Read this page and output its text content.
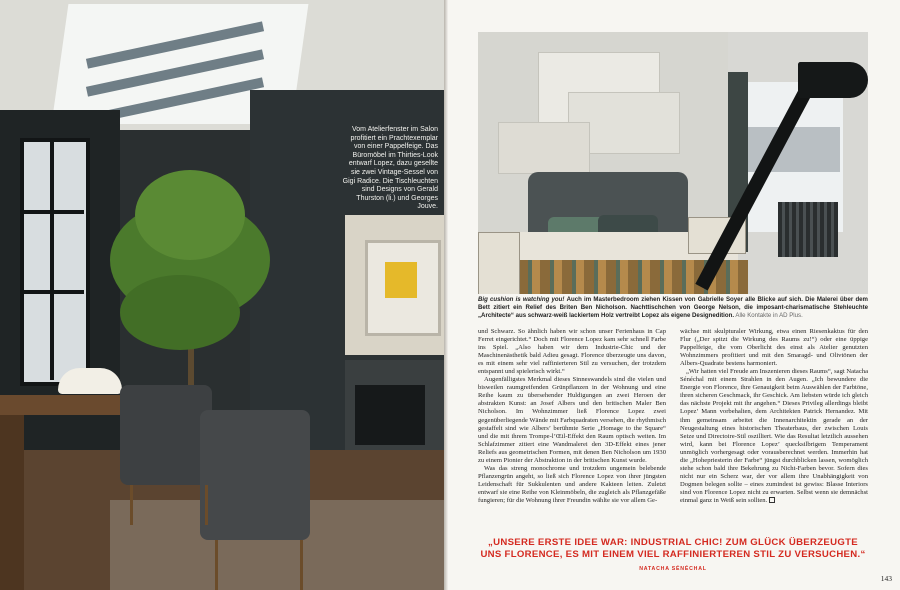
Vom Atelierfenster im Salon profitiert ein Prachtexemplar von einer Pappelfeige. Das Büromöbel im Thirties-Look entwarf Lopez, dazu gesellte sie zwei Vintage-Sessel von Gigi Radice. Die Tischleuchten sind Designs von Gerald Thurston (li.) und Georges Jouve.
Big cushion is watching you! Auch im Masterbedroom ziehen Kissen von Gabrielle Soyer alle Blicke auf sich. Die Malerei über dem Bett zitiert ein Relief des Briten Ben Nicholson. Nachttischchen von George Nelson, die imposant-charismatische Stehleuchte „Architecte“ aus schwarz-weiß lackiertem Holz vertreibt Lopez als eigene Designedition. Alle Kontakte in AD Plus.

und Schwarz. So ähnlich haben wir schon unser Ferienhaus in Cap Ferret eingerichtet.“ Doch mit Florence Lopez kam sehr schnell Farbe ins Spiel. „Also haben wir dem Industrie-Chic und der Maschinenästhetik bald Adieu gesagt. Florence überzeugte uns davon, es mit einem sehr viel raffinierteren Stil zu versuchen, der trotzdem entspannt und spielerisch wirkt.“

Augenfälligstes Merkmal dieses Sinneswandels sind die vielen und bisweilen raumgreifenden Grünpflanzen in der Wohnung und eine Reihe kaum zu übersehender Huldigungen an zwei Heroen der abstrakten Kunst: an Josef Albers und den britischen Maler Ben Nicholson. Im Wohnzimmer ließ Florence Lopez zwei gegenüberliegende Wände mit Farbquadraten versehen, die rhythmisch gestaffelt sind wie Albers’ berühmte Serie „Homage to the Square“ und die mit ihrem Trompe-l’Œil-Effekt den Raum optisch weiten. Im Schlafzimmer zitiert eine Wandmalerei den 3D-Effekt eines jener Reliefs aus geometrischen Formen, mit denen Ben Nicholson um 1930 zu einem Pionier der Abstraktion in der britischen Kunst wurde.

Was das streng monochrome und trotzdem ungemein belebende Pflanzengrün angeht, so ließ sich Florence Lopez von ihrer jüngsten Leidenschaft für Sukkulenten und andere Kakteen leiten. Zuletzt entwarf sie eine Reihe von Kleinmöbeln, die zugleich als Pflanzgefäße fungieren; für die Wohnung ihrer Freundin wählte sie vor allem Ge-

wächse mit skulpturaler Wirkung, etwa einen Riesenkaktus für den Flur („Der spitzt die Wirkung des Raums zu!“) oder eine üppige Pappelfeige, die vom Oberlicht des einst als Atelier genutzten Wohnzimmers profitiert und mit den Smaragd- und Olivtönen der Albers-Quadrate bestens harmoniert.

„Wir hatten viel Freude am Inszenieren dieses Raums“, sagt Natacha Sénéchal mit einem Strahlen in den Augen. „Ich bewundere die Energie von Florence, ihre Genauigkeit beim Auswählen der Farbtöne, ihren sicheren Geschmack, ihr Geschick. Am liebsten würde ich gleich das nächste Projekt mit ihr angehen.“ Dieses Privileg allerdings bleibt Lopez’ Mann vorbehalten, dem Architekten Patrick Hernandez. Mit ihm gemeinsam arbeitet die Innenarchitektin gerade an der Neugestaltung eines historischen Theaterbaus, der zwischen Louis Seize und Directoire-Stil oszilliert. Wie das Resultat letztlich aussehen wird, kann bei Florence Lopez’ quecksilbrigem Temperament unmöglich vorhergesagt oder vorausberechnet werden. Immerhin hat die „Hohepriesterin der Farbe“ jüngst durchblicken lassen, womöglich stehe schon bald ihre Bekehrung zu Nicht-Farben bevor. Sofern dies nicht nur ein Scherz war, der vor allem ihre Unabhängigkeit von Dogmen belegen sollte – eines zumindest ist gewiss: Blasse Interiors sind von Florence Lopez nicht zu erwarten. Selbst wenn sie demnächst einmal ganz in Weiß sein sollten.

„UNSERE ERSTE IDEE WAR: INDUSTRIAL CHIC! ZUM GLÜCK ÜBERZEUGTE UNS FLORENCE, ES MIT EINEM VIEL RAFFINIERTEREN STIL ZU VERSUCHEN.“
NATACHA SÉNÉCHAL
143
